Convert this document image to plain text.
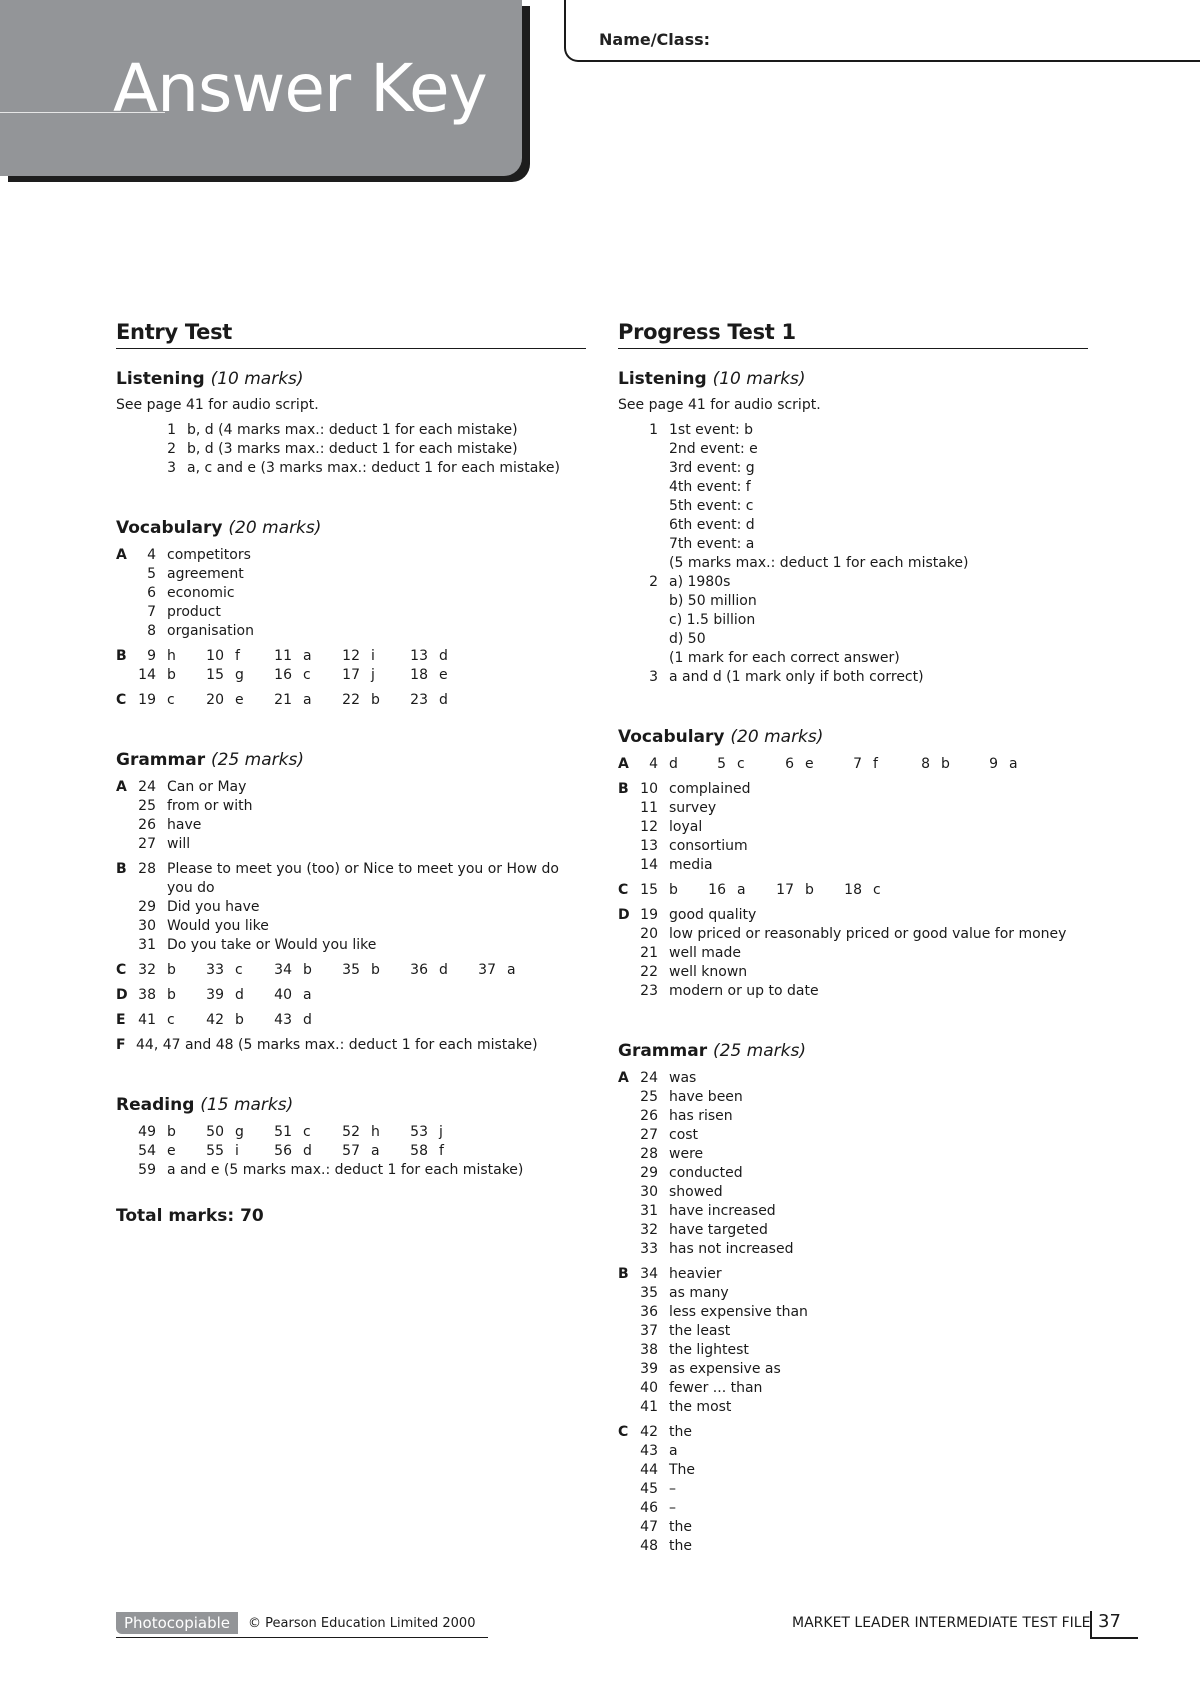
Answer Key
Name/Class:
Entry Test
Listening (10 marks)
See page 41 for audio script.
1 b, d (4 marks max.: deduct 1 for each mistake)
2 b, d (3 marks max.: deduct 1 for each mistake)
3 a, c and e (3 marks max.: deduct 1 for each mistake)
Vocabulary (20 marks)
A	4 competitors
5 agreement
6 economic
7 product
8 organisation
B	9 h 10 f 11 a 12 i	13 d
14 b 15 g 16 c 17 j	18 e
C 19 c 20 e 21 a 22 b 23 d
Grammar (25 marks)
A 24 Can or May
25 from or with
26 have
27 will
B 28 Please to meet you (too) or Nice to meet you or How do you do
29 Did you have
30 Would you like
31 Do you take or Would you like
C 32 b 33 c 34 b 35 b 36 d 37 a
D 38 b 39 d 40 a
E 41 c 42 b 43 d
F 44, 47 and 48 (5 marks max.: deduct 1 for each mistake)
Reading (15 marks)
49 b 50 g 51 c 52 h 53 j
54 e 55 i	56 d 57 a 58 f
59 a and e (5 marks max.: deduct 1 for each mistake)
Total marks: 70
Progress Test 1
Listening (10 marks)
See page 41 for audio script.
1 1st event: b
2nd event: e
3rd event: g
4th event: f
5th event: c
6th event: d
7th event: a
(5 marks max.: deduct 1 for each mistake)
2 a) 1980s
b) 50 million
c) 1.5 billion
d) 50
(1 mark for each correct answer)
3 a and d (1 mark only if both correct)
Vocabulary (20 marks)
A	4 d	5 c	6 e	7 f	8 b	9 a
B 10 complained
11 survey
12 loyal
13 consortium
14 media
C 15 b 16 a 17 b 18 c
D 19 good quality
20 low priced or reasonably priced or good value for money
21 well made
22 well known
23 modern or up to date
Grammar (25 marks)
A 24 was
25 have been
26 has risen
27 cost
28 were
29 conducted
30 showed
31 have increased
32 have targeted
33 has not increased
B 34 heavier
35 as many
36 less expensive than
37 the least
38 the lightest
39 as expensive as
40 fewer ... than
41 the most
C 42 the
43 a
44 The
45 –
46 –
47 the
48 the
Photocopiable	© Pearson Education Limited 2000	MARKET LEADER INTERMEDIATE TEST FILE 37
